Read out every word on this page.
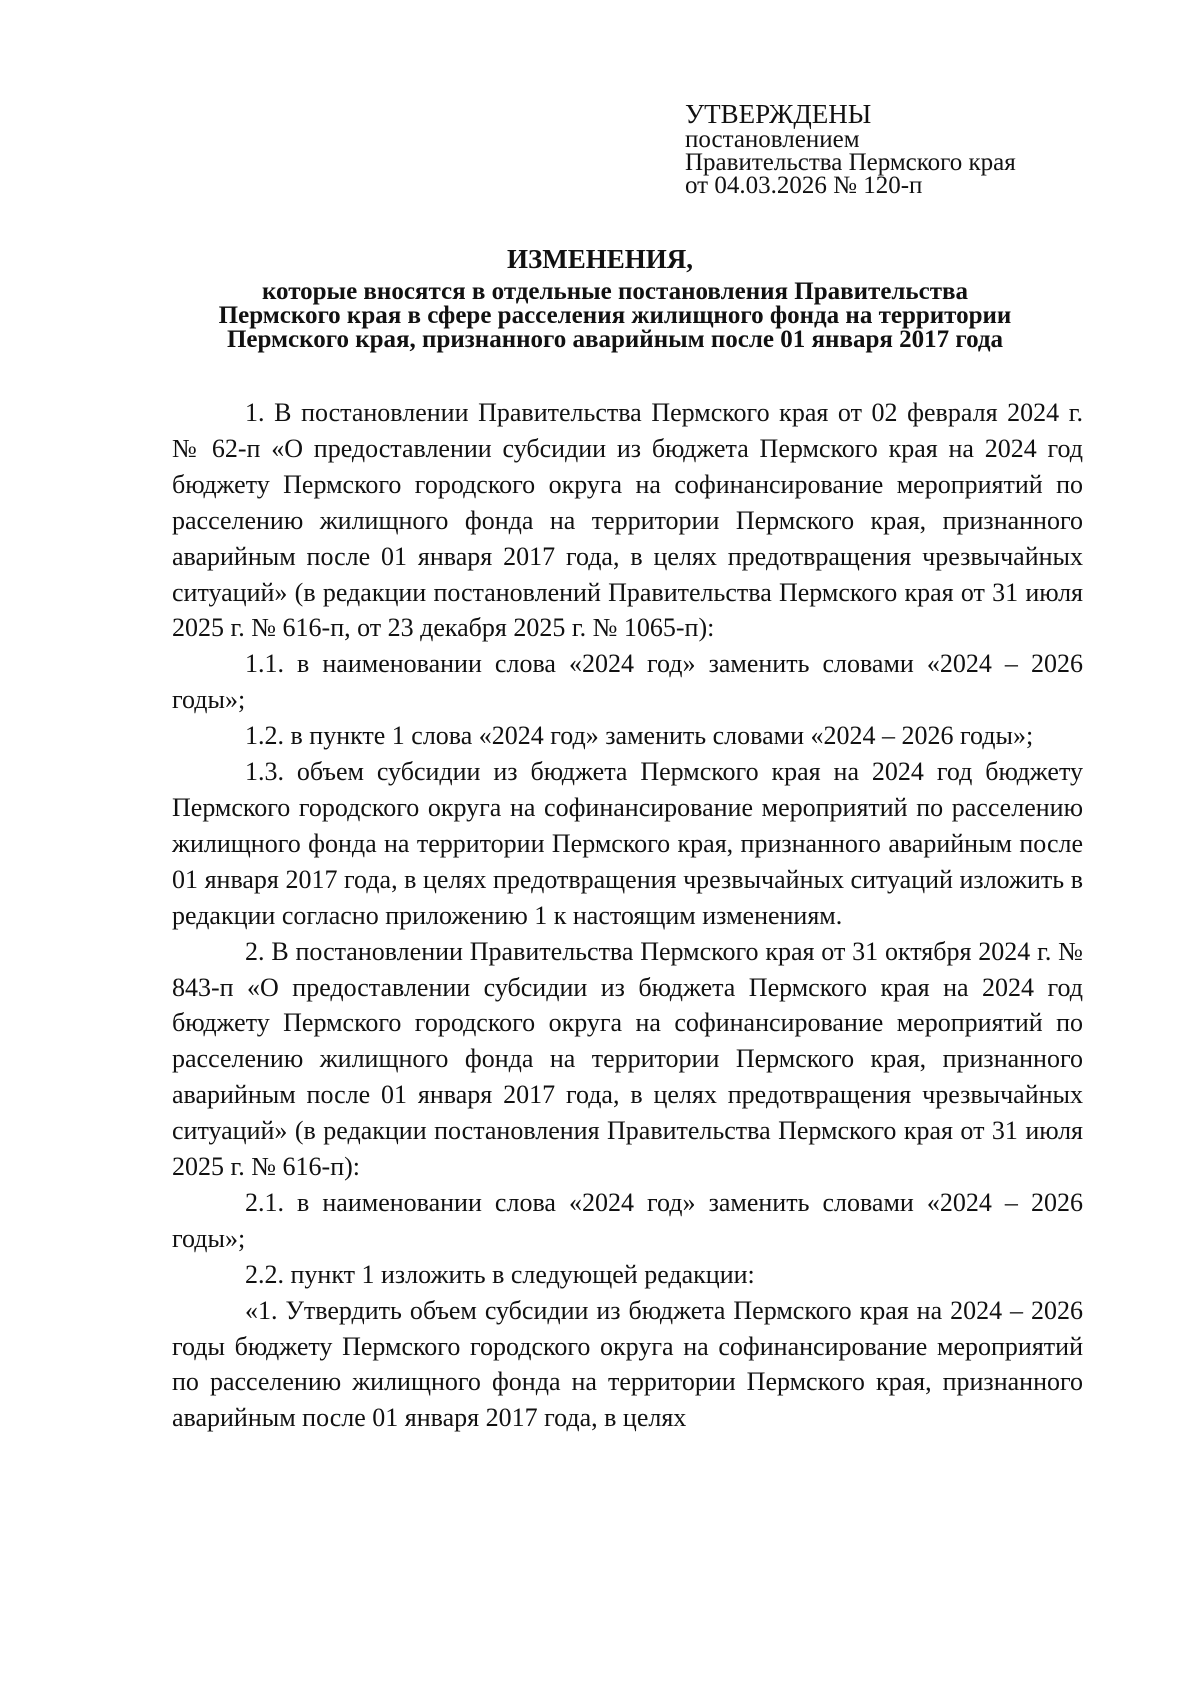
УТВЕРЖДЕНЫ
постановлением
Правительства Пермского края
от 04.03.2026 № 120-п
ИЗМЕНЕНИЯ,
которые вносятся в отдельные постановления Правительства
Пермского края в сфере расселения жилищного фонда на территории
Пермского края, признанного аварийным после 01 января 2017 года

1. В постановлении Правительства Пермского края от 02 февраля 2024 г. № 62-п «О предоставлении субсидии из бюджета Пермского края на 2024 год бюджету Пермского городского округа на софинансирование мероприятий по расселению жилищного фонда на территории Пермского края, признанного аварийным после 01 января 2017 года, в целях предотвращения чрезвычайных ситуаций» (в редакции постановлений Правительства Пермского края от 31 июля 2025 г. № 616-п, от 23 декабря 2025 г. № 1065-п):

1.1. в наименовании слова «2024 год» заменить словами «2024 – 2026 годы»;

1.2. в пункте 1 слова «2024 год» заменить словами «2024 – 2026 годы»;

1.3. объем субсидии из бюджета Пермского края на 2024 год бюджету Пермского городского округа на софинансирование мероприятий по расселению жилищного фонда на территории Пермского края, признанного аварийным после 01 января 2017 года, в целях предотвращения чрезвычайных ситуаций изложить в редакции согласно приложению 1 к настоящим изменениям.

2. В постановлении Правительства Пермского края от 31 октября 2024 г. № 843-п «О предоставлении субсидии из бюджета Пермского края на 2024 год бюджету Пермского городского округа на софинансирование мероприятий по расселению жилищного фонда на территории Пермского края, признанного аварийным после 01 января 2017 года, в целях предотвращения чрезвычайных ситуаций» (в редакции постановления Правительства Пермского края от 31 июля 2025 г. № 616-п):

2.1. в наименовании слова «2024 год» заменить словами «2024 – 2026 годы»;

2.2. пункт 1 изложить в следующей редакции:

«1. Утвердить объем субсидии из бюджета Пермского края на 2024 – 2026 годы бюджету Пермского городского округа на софинансирование мероприятий по расселению жилищного фонда на территории Пермского края, признанного аварийным после 01 января 2017 года, в целях
